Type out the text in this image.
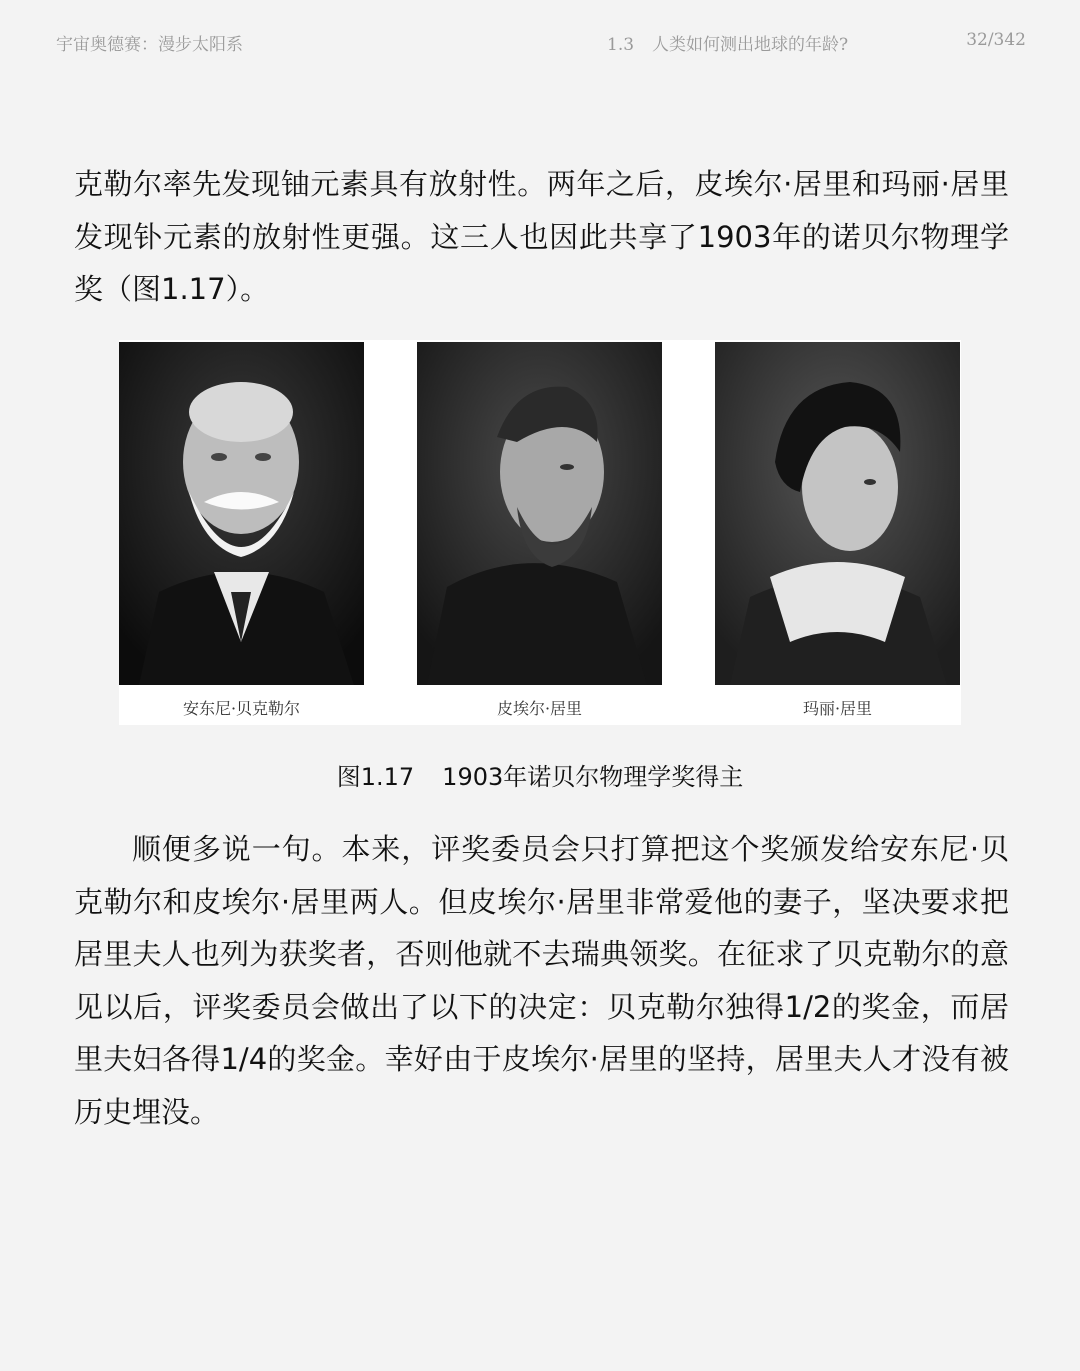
宇宙奥德赛：漫步太阳系	1.3 人类如何测出地球的年龄?	32/342

克勒尔率先发现铀元素具有放射性。两年之后，皮埃尔·居里和玛丽·居里发现钋元素的放射性更强。这三人也因此共享了1903年的诺贝尔物理学奖（图1.17）。

安东尼·贝克勒尔	皮埃尔·居里	玛丽·居里
图1.17 1903年诺贝尔物理学奖得主

顺便多说一句。本来，评奖委员会只打算把这个奖颁发给安东尼·贝克勒尔和皮埃尔·居里两人。但皮埃尔·居里非常爱他的妻子，坚决要求把居里夫人也列为获奖者，否则他就不去瑞典领奖。在征求了贝克勒尔的意见以后，评奖委员会做出了以下的决定：贝克勒尔独得1/2的奖金，而居里夫妇各得1/4的奖金。幸好由于皮埃尔·居里的坚持，居里夫人才没有被历史埋没。
